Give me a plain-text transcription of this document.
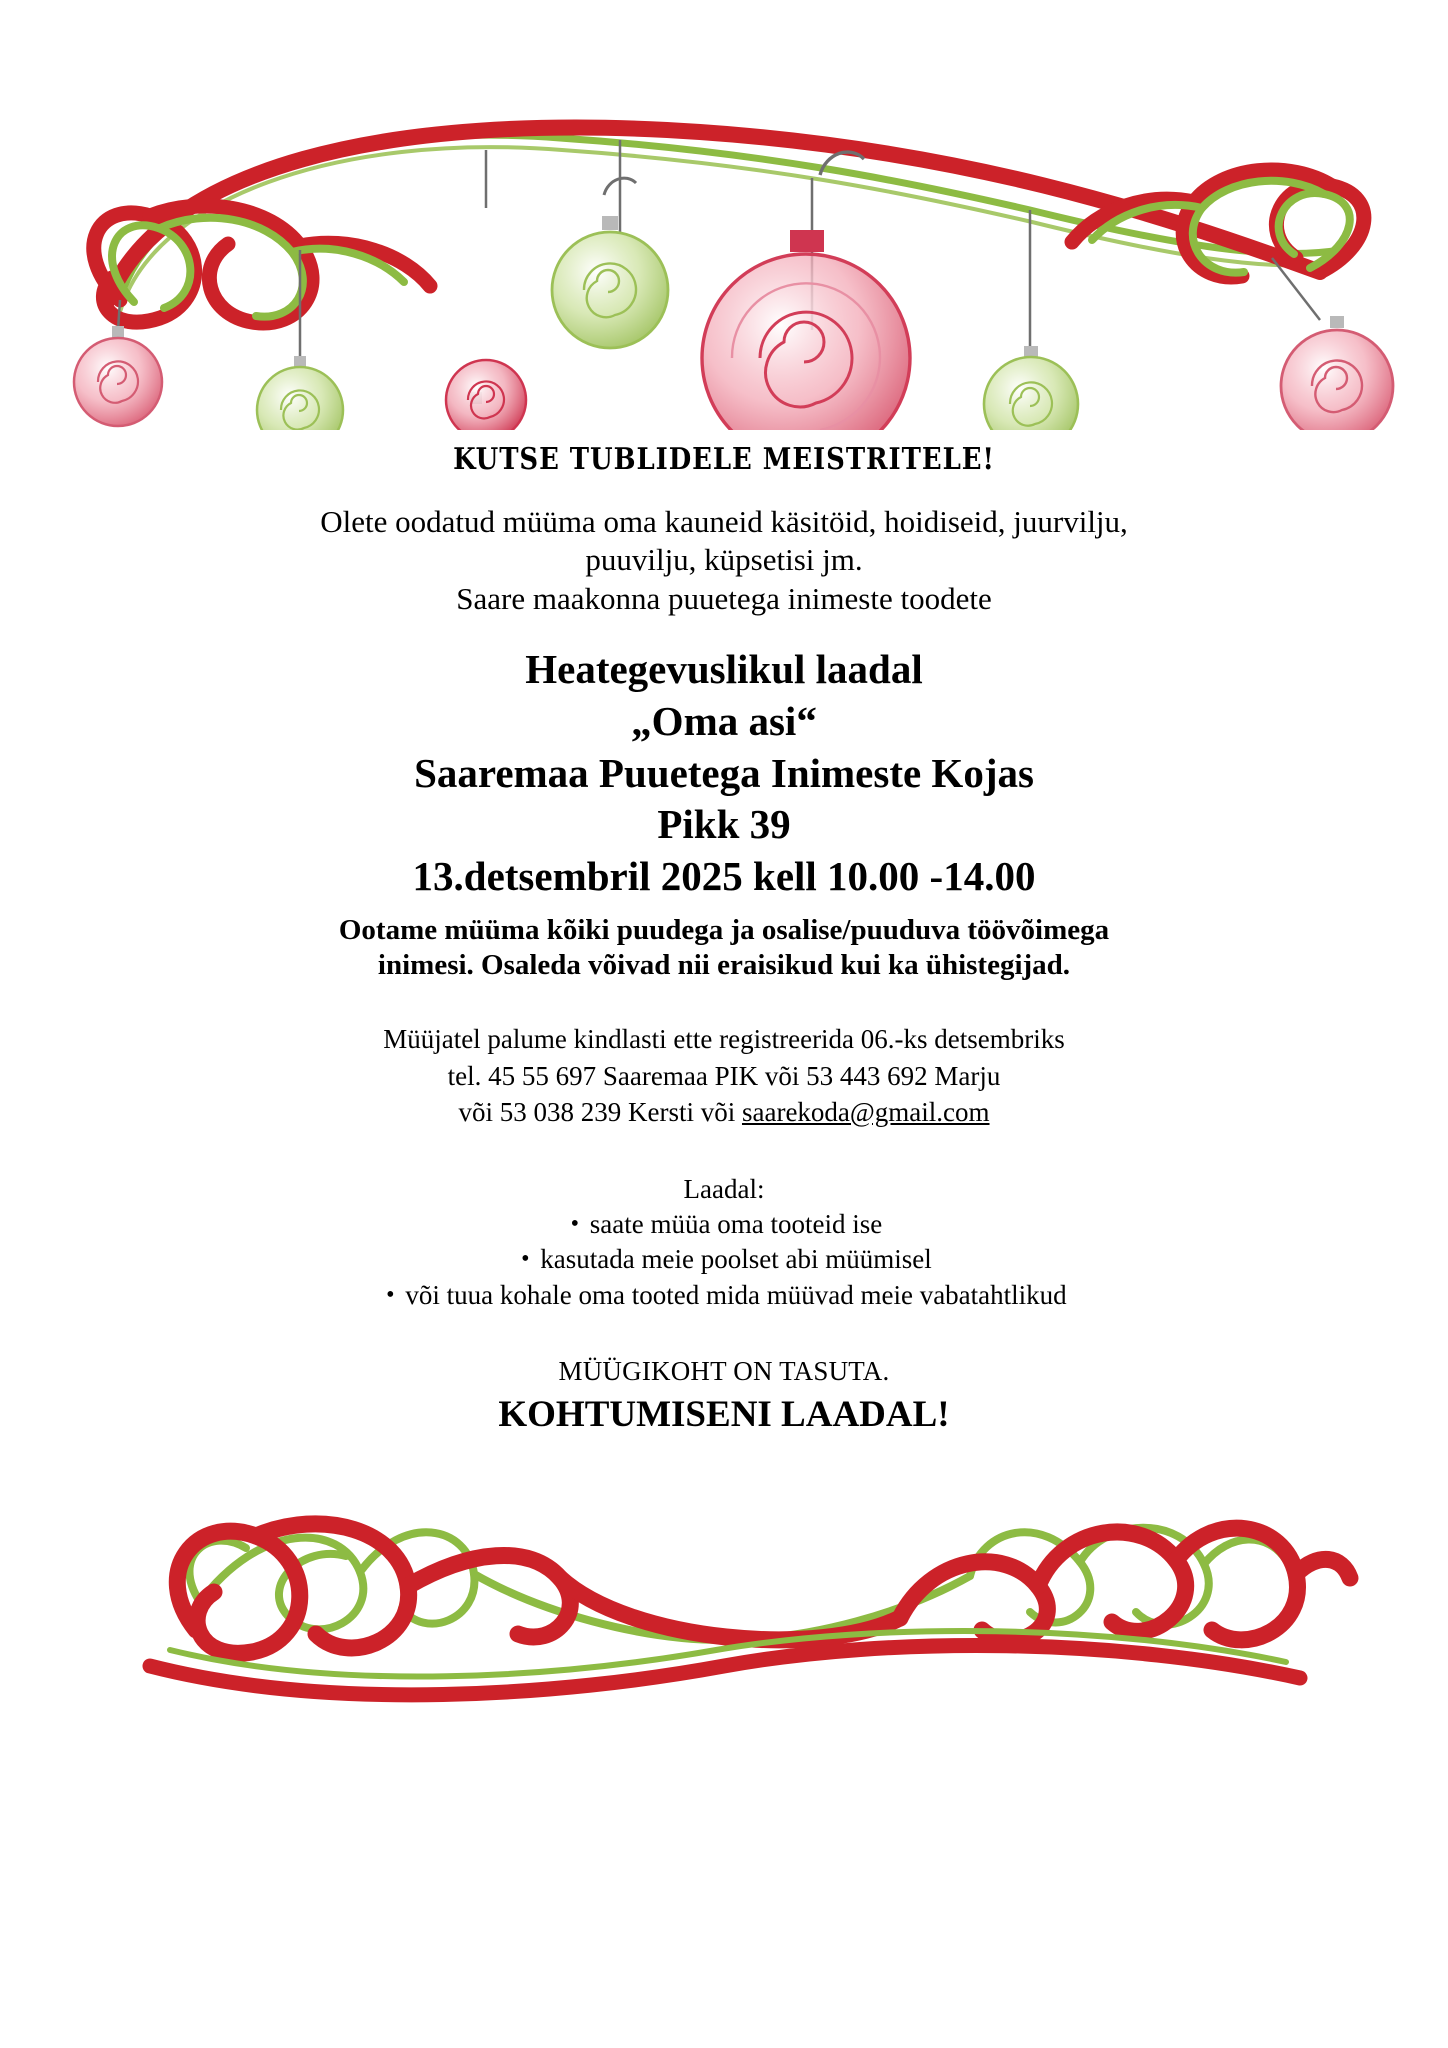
KUTSE TUBLIDELE MEISTRITELE!
Olete oodatud müüma oma kauneid käsitöid, hoidiseid, juurvilju,
puuvilju, küpsetisi jm.
Saare maakonna puuetega inimeste toodete
Heategevuslikul laadal
„Oma asi“
Saaremaa Puuetega Inimeste Kojas
Pikk 39
13.detsembril 2025 kell 10.00 -14.00
Ootame müüma kõiki puudega ja osalise/puuduva töövõimega
inimesi. Osaleda võivad nii eraisikud kui ka ühistegijad.
Müüjatel palume kindlasti ette registreerida 06.-ks detsembriks
tel. 45 55 697 Saaremaa PIK või 53 443 692 Marju
või 53 038 239 Kersti või saarekoda@gmail.com
Laadal:
• saate müüa oma tooteid ise
• kasutada meie poolset abi müümisel
• või tuua kohale oma tooted mida müüvad meie vabatahtlikud
MÜÜGIKOHT ON TASUTA.
KOHTUMISENI LAADAL!
